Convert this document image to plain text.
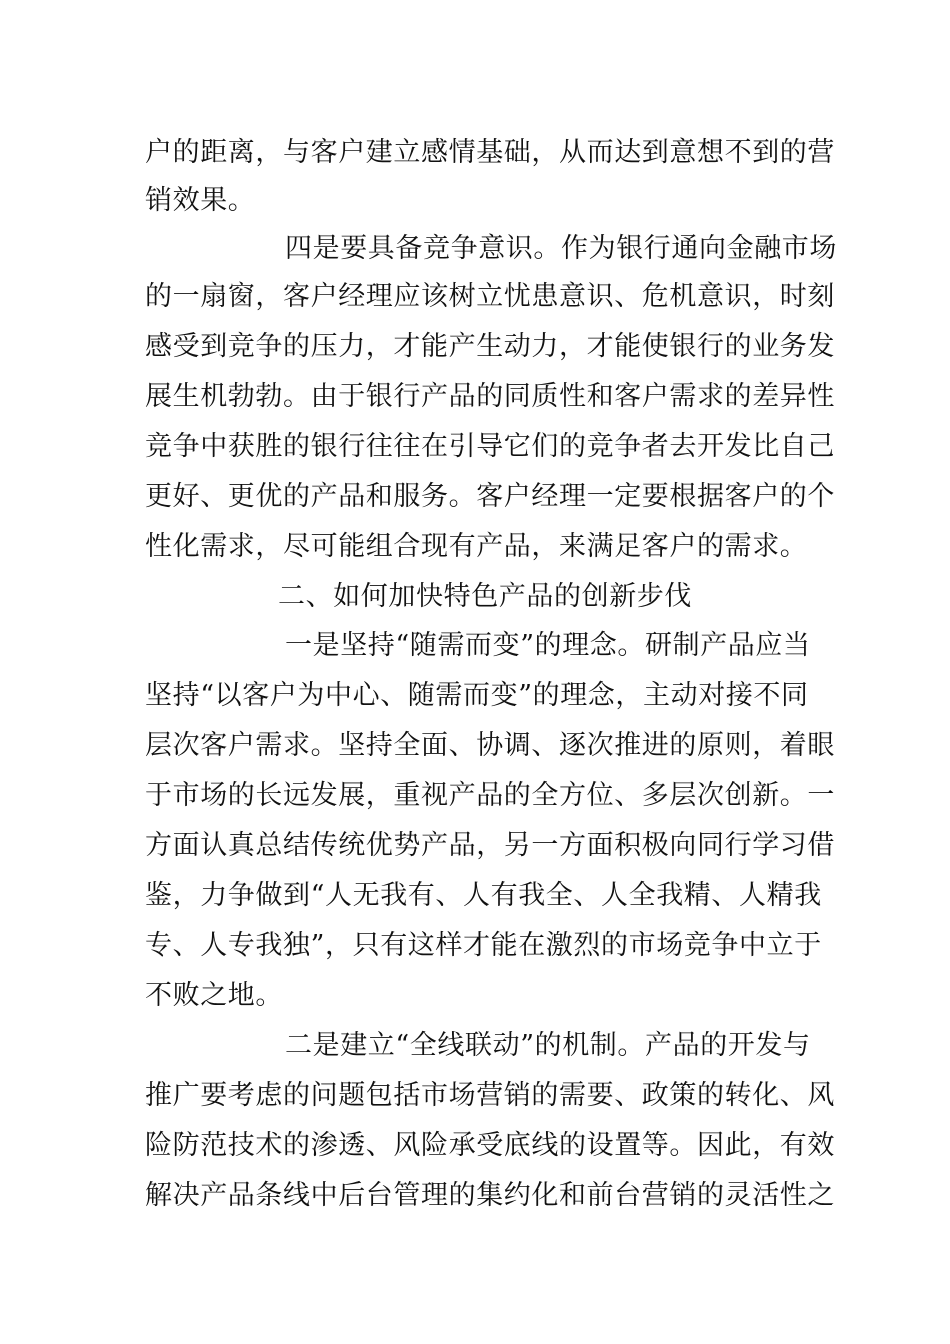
户的距离，与客户建立感情基础，从而达到意想不到的营
销效果。
四是要具备竞争意识。作为银行通向金融市场
的一扇窗，客户经理应该树立忧患意识、危机意识，时刻
感受到竞争的压力，才能产生动力，才能使银行的业务发
展生机勃勃。由于银行产品的同质性和客户需求的差异性
竞争中获胜的银行往往在引导它们的竞争者去开发比自己
更好、更优的产品和服务。客户经理一定要根据客户的个
性化需求，尽可能组合现有产品，来满足客户的需求。
二、如何加快特色产品的创新步伐
一是坚持“随需而变”的理念。研制产品应当
坚持“以客户为中心、随需而变”的理念，主动对接不同
层次客户需求。坚持全面、协调、逐次推进的原则，着眼
于市场的长远发展，重视产品的全方位、多层次创新。一
方面认真总结传统优势产品，另一方面积极向同行学习借
鉴，力争做到“人无我有、人有我全、人全我精、人精我
专、人专我独”，只有这样才能在激烈的市场竞争中立于
不败之地。
二是建立“全线联动”的机制。产品的开发与
推广要考虑的问题包括市场营销的需要、政策的转化、风
险防范技术的渗透、风险承受底线的设置等。因此，有效
解决产品条线中后台管理的集约化和前台营销的灵活性之
